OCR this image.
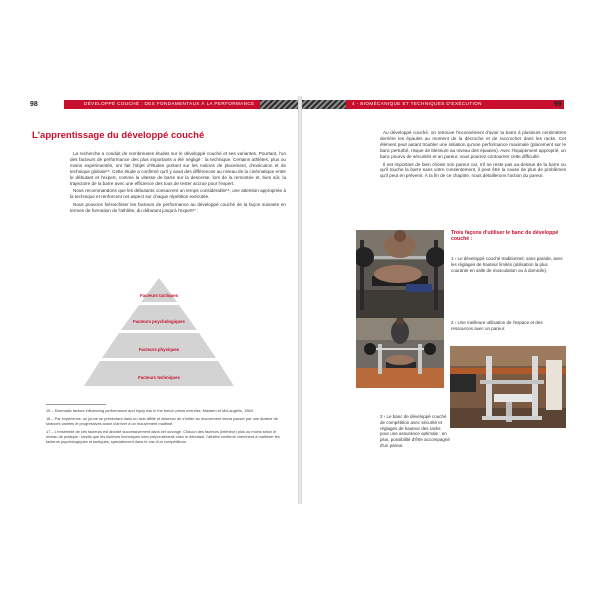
98	DÉVELOPPÉ COUCHÉ : DES FONDAMENTAUX À LA PERFORMANCE
L'apprentissage du développé couché

La recherche a conduit de nombreuses études sur le développé couché et ses variantes. Pourtant, l'un des facteurs de performance des plus importants a été négligé : la technique. Certains athlètes, plus ou moins expérimentés, ont fait l'objet d'études portant sur les notions de placement, d'exécution et de technique globale¹⁵. Cette étude a confirmé qu'il y avait des différences au niveau de la cinématique entre le débutant et l'expert, comme la vitesse de barre sur la descente, lors de la remontée et, bien sûr, la trajectoire de la barre avec une efficience des tous de tester accrue pour l'expert.

Nous recommandons que les débutants consacrent un temps considérable¹⁶, une attention appropriée à la technique et renforcent cet aspect sur chaque répétition exécutée.

Nous pouvons hiérarchiser les facteurs de performance au développé couché de la façon suivante en termes de formation de l'athlète, du débutant jusqu'à l'expert¹⁷ :

Facteurs tactiques
Facteurs psychologiques
Facteurs physiques
Facteurs techniques

15 – Kinematic factors influencing performance and injury risk in the bench press exercise. Madsen et McLaughlin, 1984.

16 – Par expérience, un jeune se présentant dans un club affilié et désireux de s'initier au mouvement devra passer par une dizaine de séances variées et progressives avant d'arriver à un mouvement maîtrisé.

17 – L'ensemble de ces facteurs est abordé successivement dans cet ouvrage. Chacun des facteurs (intérieur) plus ou moins selon le niveau de pratique : tandis que les facteurs techniques sont prépondérants chez le débutant, l'athlète confirmé cherchera à maîtriser les facteurs psychologiques et tactiques, spécialement dans le cas d'un compétitions.

4 - BIOMÉCANIQUE ET TECHNIQUES D'EXÉCUTION	99

Au développé couché, on retrouve l'inconvénient d'avoir la barre à plusieurs centimètres derrière les épaules au moment de la décroche et de raccrocher dans les racks. Cet élément peut autant troubler une initiation qu'une performance maximale (placement sur le banc perturbé, risque de blessure au niveau des épaules). Avec l'équipement approprié, un banc pourvu de sécurités et un pareur, vous pourrez contourner cette difficulté.

Il est important de bien choisir son pareur car, s'il ne reste pas au-dessus de la barre ou qu'il touche la barre sans votre consentement, il peut être la cause de plus de problèmes qu'il peut en prévenir. À la fin de ce chapitre, nous détaillerons l'action du pareur.

Trois façons d'utiliser le banc de développé couché :
1 › Le développé couché traditionnel, sans parade, avec les réglages de hauteur limités (utilisation la plus courante en salle de musculation ou à domicile).
2 › Une meilleure utilisation de l'espace et des ressources avec un pareur.
3 › Le banc de développé couché de compétition avec sécurité et réglages de hauteur des racks pour une assurance optimale : en plus, possibilité d'être accompagné d'un pareur.
